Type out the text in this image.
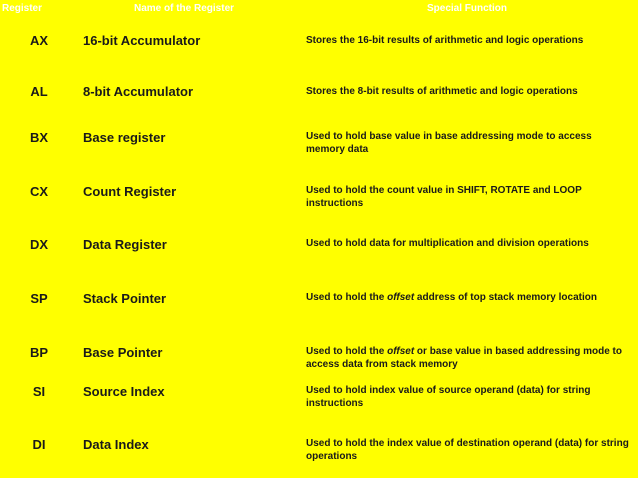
Register	Name of the Register	Special Function
AX	16-bit Accumulator	Stores the 16-bit results of arithmetic and logic operations
AL	8-bit Accumulator	Stores the 8-bit results of arithmetic and logic operations
BX	Base register	Used to hold base value in base addressing mode to access memory data
CX	Count Register	Used to hold the count value in SHIFT, ROTATE and LOOP instructions
DX	Data Register	Used to hold data for multiplication and division operations
SP	Stack Pointer	Used to hold the offset address of top stack memory location
BP	Base Pointer	Used to hold the offset or base value in based addressing mode to access data from stack memory
SI	Source Index	Used to hold index value of source operand (data) for string instructions
DI	Data Index	Used to hold the index value of destination operand (data) for string operations
